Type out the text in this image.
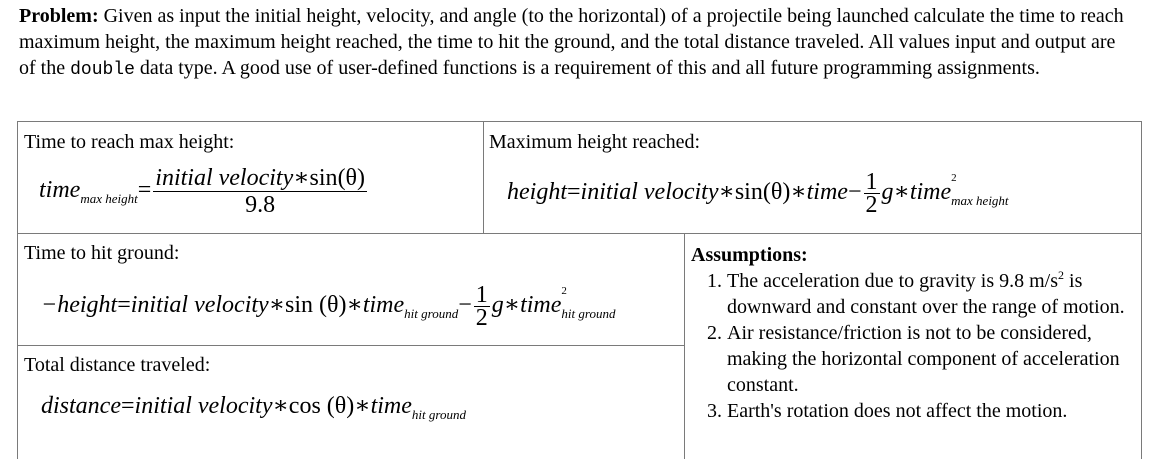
Problem: Given as input the initial height, velocity, and angle (to the horizontal) of a projectile being launched calculate the time to reach maximum height, the maximum height reached, the time to hit the ground, and the total distance traveled. All values input and output are of the double data type. A good use of user-defined functions is a requirement of this and all future programming assignments.
Time to reach max height:
time$_{max height}$= $\frac{\text{initial velocity∗sin(θ)}}{9.8}$
Maximum height reached:
height=initial velocity∗sin(θ)∗time− $\frac{1}{2}$ g∗time
2
max height
Time to hit ground:
−height=initial velocity∗sin (θ)∗time$_{hit ground}$− $\frac{1}{2}$ g∗time
2
hit ground
Total distance traveled:
distance=initial velocity∗cos (θ)∗time$_{hit ground}$
Assumptions:
1. The acceleration due to gravity is 9.8 $m/s^2$ is downward and constant over the range of motion.
2. Air resistance/friction is not to be considered, making the horizontal component of acceleration constant.
3. Earth's rotation does not affect the motion.
